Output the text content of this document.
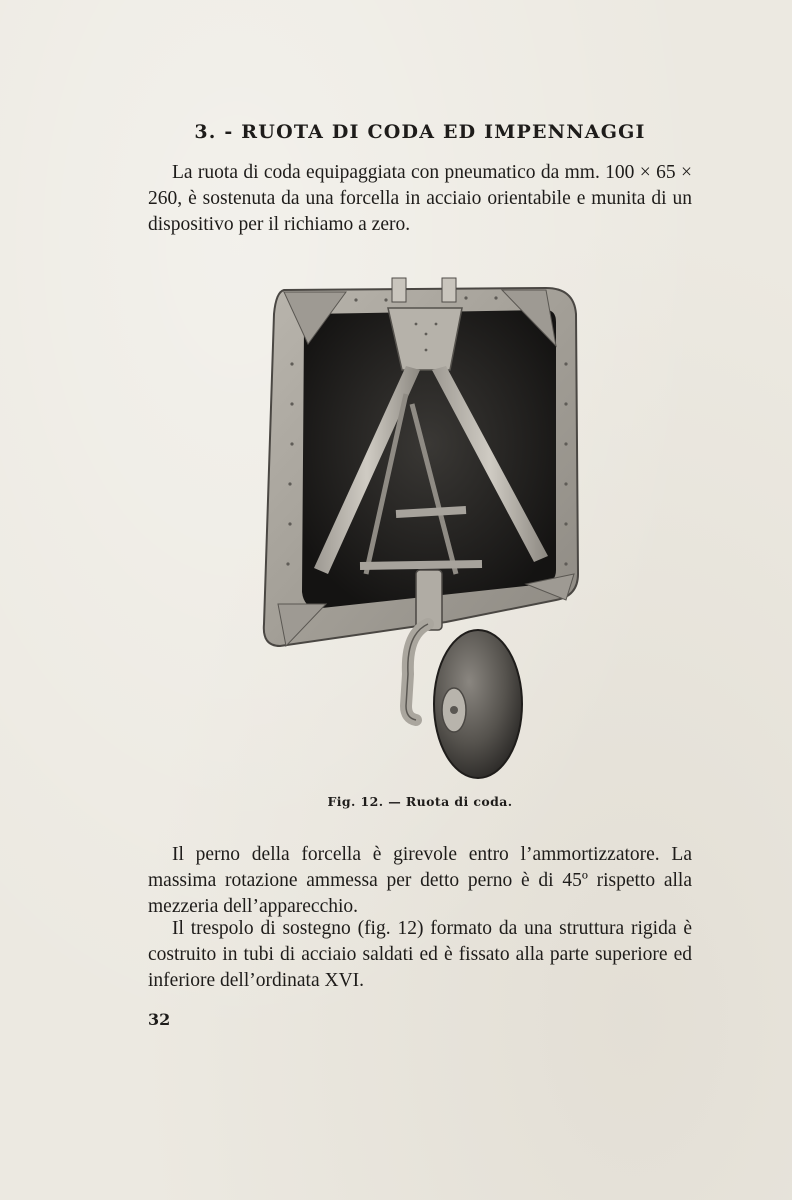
3. - RUOTA DI CODA ED IMPENNAGGI

La ruota di coda equipaggiata con pneumatico da mm. 100 × 65 × 260, è sostenuta da una forcella in acciaio orientabile e munita di un dispositivo per il richiamo a zero.

Fig. 12. — Ruota di coda.

Il perno della forcella è girevole entro l’ammortizzatore. La massima rotazione ammessa per detto perno è di 45º rispetto alla mezzeria dell’apparecchio.

Il trespolo di sostegno (fig. 12) formato da una struttura rigida è costruito in tubi di acciaio saldati ed è fissato alla parte superiore ed inferiore dell’ordinata XVI.

32
